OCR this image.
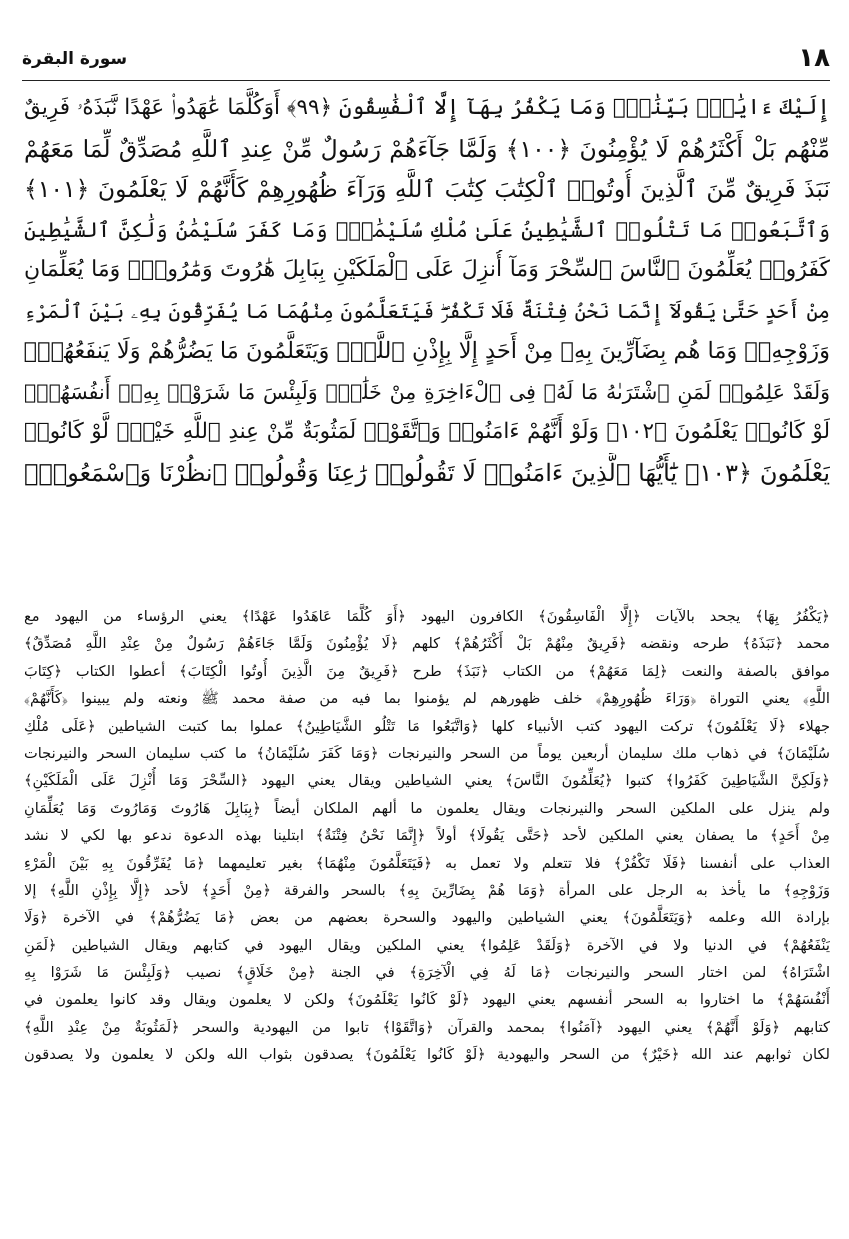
١٨
سورة البقرة
إِلَيْكَ ءَايَٰتٍۭ بَيِّنَٰتٍۖ وَمَا يَكْفُرُ بِهَآ إِلَّا ٱلْفَٰسِقُونَ ﴿٩٩﴾ أَوَكُلَّمَا عَٰهَدُوا۟ عَهْدًا نَّبَذَهُۥ فَرِيقٌ
مِّنْهُم بَلْ أَكْثَرُهُمْ لَا يُؤْمِنُونَ ﴿١٠٠﴾ وَلَمَّا جَآءَهُمْ رَسُولٌ مِّنْ عِندِ ٱللَّهِ مُصَدِّقٌ لِّمَا مَعَهُمْ
نَبَذَ فَرِيقٌ مِّنَ ٱلَّذِينَ أُوتُوا۟ ٱلْكِتَٰبَ كِتَٰبَ ٱللَّهِ وَرَآءَ ظُهُورِهِمْ كَأَنَّهُمْ لَا يَعْلَمُونَ ﴿١٠١﴾
وَٱتَّبَعُوا۟ مَا تَتْلُوا۟ ٱلشَّيَٰطِينُ عَلَىٰ مُلْكِ سُلَيْمَٰنَۖ وَمَا كَفَرَ سُلَيْمَٰنُ وَلَٰكِنَّ ٱلشَّيَٰطِينَ
كَفَرُوا۟ يُعَلِّمُونَ ٱلنَّاسَ ٱلسِّحْرَ وَمَآ أُنزِلَ عَلَى ٱلْمَلَكَيْنِ بِبَابِلَ هَٰرُوتَ وَمَٰرُوتَۚ وَمَا يُعَلِّمَانِ
مِنْ أَحَدٍ حَتَّىٰ يَقُولَآ إِنَّمَا نَحْنُ فِتْنَةٌ فَلَا تَكْفُرْۖ فَيَتَعَلَّمُونَ مِنْهُمَا مَا يُفَرِّقُونَ بِهِۦ بَيْنَ ٱلْمَرْءِ
وَزَوْجِهِۦۚ وَمَا هُم بِضَآرِّينَ بِهِۦ مِنْ أَحَدٍ إِلَّا بِإِذْنِ ٱللَّهِۚ وَيَتَعَلَّمُونَ مَا يَضُرُّهُمْ وَلَا يَنفَعُهُمْۚ
وَلَقَدْ عَلِمُوا۟ لَمَنِ ٱشْتَرَىٰهُ مَا لَهُۥ فِى ٱلْءَاخِرَةِ مِنْ خَلَٰقٍۚ وَلَبِئْسَ مَا شَرَوْا۟ بِهِۦٓ أَنفُسَهُمْۚ
لَوْ كَانُوا۟ يَعْلَمُونَ ﴿١٠٢﴾ وَلَوْ أَنَّهُمْ ءَامَنُوا۟ وَٱتَّقَوْا۟ لَمَثُوبَةٌ مِّنْ عِندِ ٱللَّهِ خَيْرٌۖ لَّوْ كَانُوا۟
يَعْلَمُونَ ﴿١٠٣﴾ يَٰٓأَيُّهَا ٱلَّذِينَ ءَامَنُوا۟ لَا تَقُولُوا۟ رَٰعِنَا وَقُولُوا۟ ٱنظُرْنَا وَٱسْمَعُوا۟ۗ
﴿يَكْفُرُ بِهَا﴾ يجحد بالآيات ﴿إِلَّا الْفَاسِقُونَ﴾ الكافرون اليهود ﴿أَوَ كُلَّمَا عَاهَدُوا عَهْدًا﴾ يعني الرؤساء من اليهود مع
محمد ﴿نَبَذَهُ﴾ طرحه ونقضه ﴿فَرِيقٌ مِنْهُمْ بَلْ أَكْثَرُهُمْ﴾ كلهم ﴿لَا يُؤْمِنُونَ وَلَمَّا جَاءَهُمْ رَسُولٌ مِنْ عِنْدِ اللَّهِ مُصَدِّقٌ﴾
موافق بالصفة والنعت ﴿لِمَا مَعَهُمْ﴾ من الكتاب ﴿نَبَذَ﴾ طرح ﴿فَرِيقٌ مِنَ الَّذِينَ أُوتُوا الْكِتَابَ﴾ أعطوا الكتاب ﴿كِتَابَ
اللَّهِ﴾ يعني التوراة ﴿وَرَاءَ ظُهُورِهِمْ﴾ خلف ظهورهم لم يؤمنوا بما فيه من صفة محمد ﷺ ونعته ولم يبينوا ﴿كَأَنَّهُمْ﴾
جهلاء ﴿لَا يَعْلَمُونَ﴾ تركت اليهود كتب الأنبياء كلها ﴿وَاتَّبَعُوا مَا تَتْلُو الشَّيَاطِينُ﴾ عملوا بما كتبت الشياطين ﴿عَلَى مُلْكِ
سُلَيْمَانَ﴾ في ذهاب ملك سليمان أربعين يوماً من السحر والنيرنجات ﴿وَمَا كَفَرَ سُلَيْمَانُ﴾ ما كتب سليمان السحر والنيرنجات
﴿وَلَكِنَّ الشَّيَاطِينَ كَفَرُوا﴾ كتبوا ﴿يُعَلِّمُونَ النَّاسَ﴾ يعني الشياطين ويقال يعني اليهود ﴿السِّحْرَ وَمَا أُنْزِلَ عَلَى الْمَلَكَيْنِ﴾
ولم ينزل على الملكين السحر والنيرنجات ويقال يعلمون ما ألهم الملكان أيضاً ﴿بِبَابِلَ هَارُوتَ وَمَارُوتَ وَمَا يُعَلِّمَانِ
مِنْ أَحَدٍ﴾ ما يصفان يعني الملكين لأحد ﴿حَتَّى يَقُولَا﴾ أولاً ﴿إِنَّمَا نَحْنُ فِتْنَةٌ﴾ ابتلينا بهذه الدعوة ندعو بها لكي لا نشد
العذاب على أنفسنا ﴿فَلَا تَكْفُرْ﴾ فلا تتعلم ولا تعمل به ﴿فَيَتَعَلَّمُونَ مِنْهُمَا﴾ بغير تعليمهما ﴿مَا يُفَرِّقُونَ بِهِ بَيْنَ الْمَرْءِ
وَزَوْجِهِ﴾ ما يأخذ به الرجل على المرأة ﴿وَمَا هُمْ بِضَارِّينَ بِهِ﴾ بالسحر والفرقة ﴿مِنْ أَحَدٍ﴾ لأحد ﴿إِلَّا بِإِذْنِ اللَّهِ﴾ إلا
بإرادة الله وعلمه ﴿وَيَتَعَلَّمُونَ﴾ يعني الشياطين واليهود والسحرة بعضهم من بعض ﴿مَا يَضُرُّهُمْ﴾ في الآخرة ﴿وَلَا
يَنْفَعُهُمْ﴾ في الدنيا ولا في الآخرة ﴿وَلَقَدْ عَلِمُوا﴾ يعني الملكين ويقال اليهود في كتابهم ويقال الشياطين ﴿لَمَنِ
اشْتَرَاهُ﴾ لمن اختار السحر والنيرنجات ﴿مَا لَهُ فِي الْآخِرَةِ﴾ في الجنة ﴿مِنْ خَلَاقٍ﴾ نصيب ﴿وَلَبِئْسَ مَا شَرَوْا بِهِ
أَنْفُسَهُمْ﴾ ما اختاروا به السحر أنفسهم يعني اليهود ﴿لَوْ كَانُوا يَعْلَمُونَ﴾ ولكن لا يعلمون ويقال وقد كانوا يعلمون في
كتابهم ﴿وَلَوْ أَنَّهُمْ﴾ يعني اليهود ﴿آمَنُوا﴾ بمحمد والقرآن ﴿وَاتَّقَوْا﴾ تابوا من اليهودية والسحر ﴿لَمَثُوبَةٌ مِنْ عِنْدِ اللَّهِ﴾
لكان ثوابهم عند الله ﴿خَيْرٌ﴾ من السحر واليهودية ﴿لَوْ كَانُوا يَعْلَمُونَ﴾ يصدقون بثواب الله ولكن لا يعلمون ولا يصدقون
